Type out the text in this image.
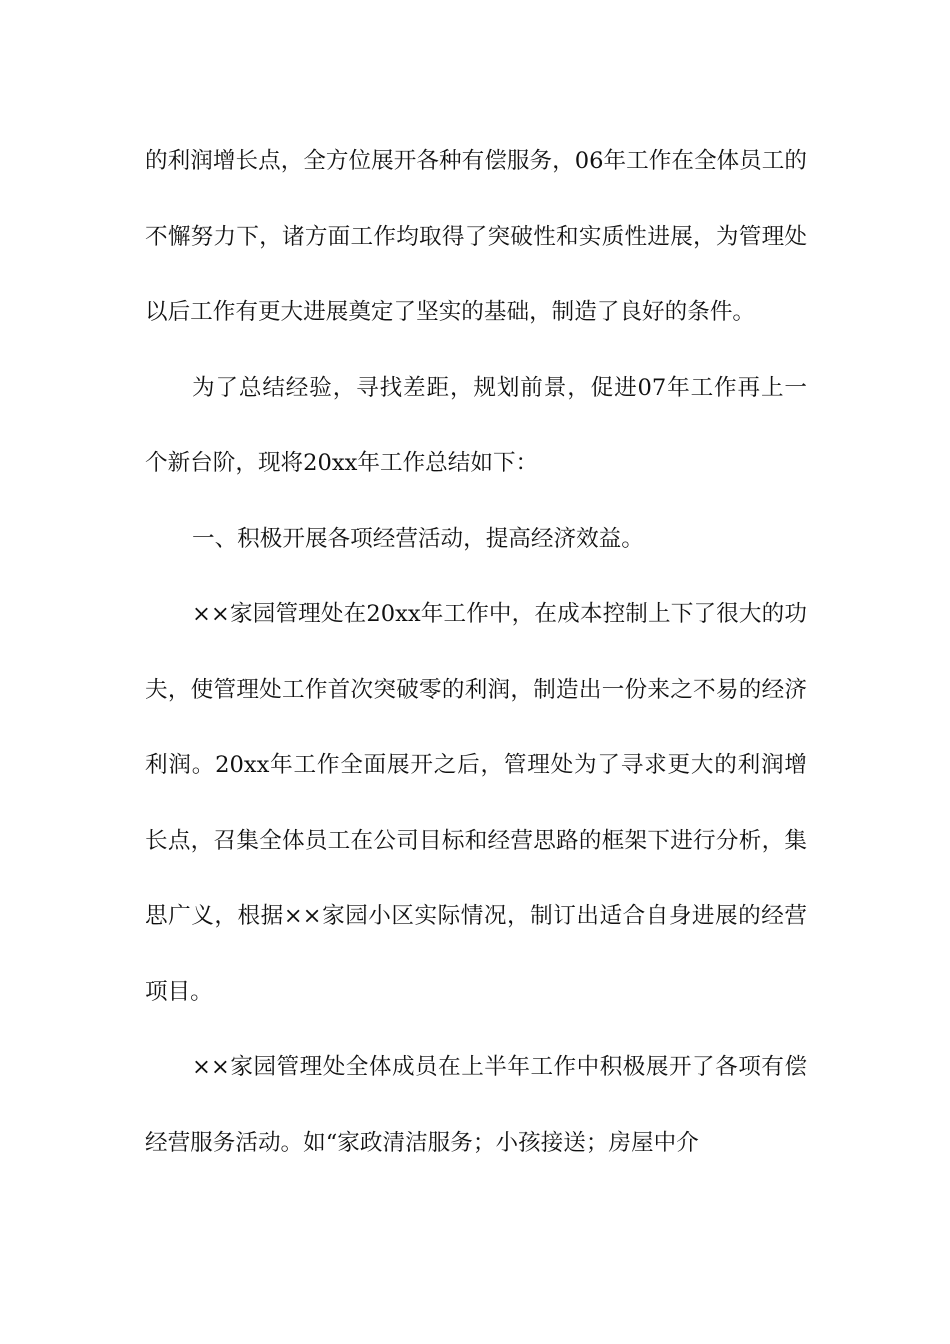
的利润增长点，全方位展开各种有偿服务，06年工作在全体员工的不懈努力下，诸方面工作均取得了突破性和实质性进展，为管理处以后工作有更大进展奠定了坚实的基础，制造了良好的条件。

为了总结经验，寻找差距，规划前景，促进07年工作再上一个新台阶，现将20xx年工作总结如下：

一、积极开展各项经营活动，提高经济效益。

××家园管理处在20xx年工作中，在成本控制上下了很大的功夫，使管理处工作首次突破零的利润，制造出一份来之不易的经济利润。20xx年工作全面展开之后，管理处为了寻求更大的利润增长点，召集全体员工在公司目标和经营思路的框架下进行分析，集思广义，根据××家园小区实际情况，制订出适合自身进展的经营项目。

××家园管理处全体成员在上半年工作中积极展开了各项有偿经营服务活动。如“家政清洁服务；小孩接送；房屋中介
